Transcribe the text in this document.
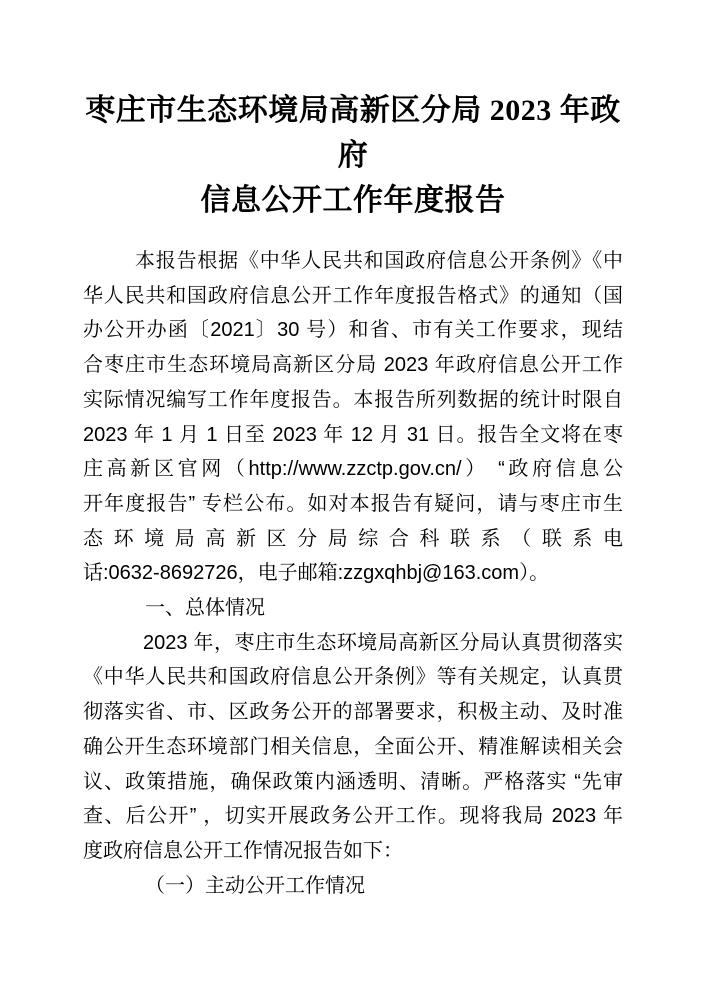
枣庄市生态环境局高新区分局 2023 年政府
信息公开工作年度报告
本报告根据《中华人民共和国政府信息公开条例》《中
华人民共和国政府信息公开工作年度报告格式》的通知（国
办公开办函〔2021〕30 号）和省、市有关工作要求，现结
合枣庄市生态环境局高新区分局 2023 年政府信息公开工作
实际情况编写工作年度报告。本报告所列数据的统计时限自
2023 年 1 月 1 日至 2023 年 12 月 31 日。报告全文将在枣
庄高新区官网（http://www.zzctp.gov.cn/） “政府信息公
开年度报告” 专栏公布。如对本报告有疑问，请与枣庄市生
态环境局高新区分局综合科联系（联系电
话:0632-8692726，电子邮箱:zzgxqhbj@163.com）。
一、总体情况
2023 年，枣庄市生态环境局高新区分局认真贯彻落实
《中华人民共和国政府信息公开条例》等有关规定，认真贯
彻落实省、市、区政务公开的部署要求，积极主动、及时准
确公开生态环境部门相关信息，全面公开、精准解读相关会
议、政策措施，确保政策内涵透明、清晰。严格落实 “先审
查、后公开” ，切实开展政务公开工作。现将我局 2023 年
度政府信息公开工作情况报告如下：
（一）主动公开工作情况
